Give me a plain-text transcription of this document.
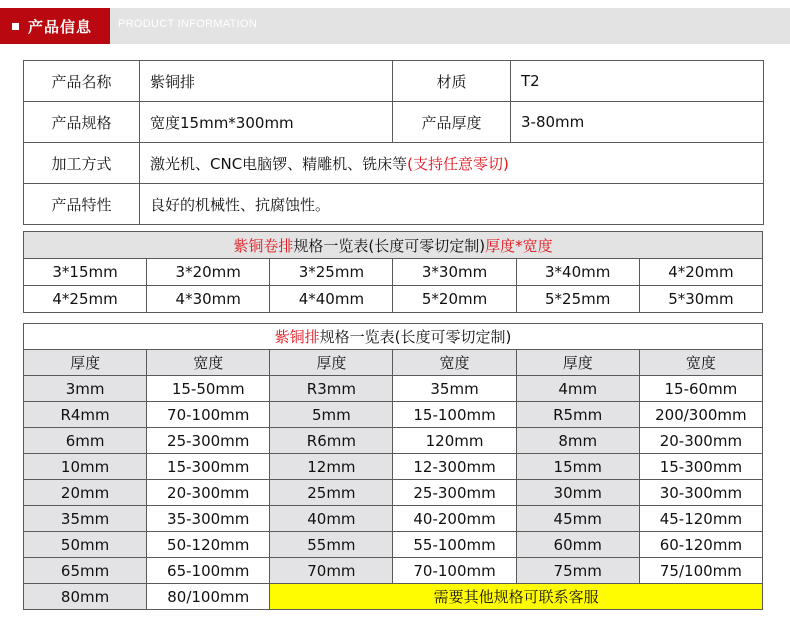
产品信息 PRODUCT INFORMATION
产品名称	紫铜排	材质	T2
产品规格	宽度15mm*300mm	产品厚度	3-80mm
加工方式	激光机、CNC电脑锣、精雕机、铣床等(支持任意零切)		
产品特性	良好的机械性、抗腐蚀性。		
紫铜卷排规格一览表(长度可零切定制)厚度*宽度					
3*15mm	3*20mm	3*25mm	3*30mm	3*40mm	4*20mm
4*25mm	4*30mm	4*40mm	5*20mm	5*25mm	5*30mm
紫铜排规格一览表(长度可零切定制)					
厚度	宽度	厚度	宽度	厚度	宽度
3mm	15-50mm	R3mm	35mm	4mm	15-60mm
R4mm	70-100mm	5mm	15-100mm	R5mm	200/300mm
6mm	25-300mm	R6mm	120mm	8mm	20-300mm
10mm	15-300mm	12mm	12-300mm	15mm	15-300mm
20mm	20-300mm	25mm	25-300mm	30mm	30-300mm
35mm	35-300mm	40mm	40-200mm	45mm	45-120mm
50mm	50-120mm	55mm	55-100mm	60mm	60-120mm
65mm	65-100mm	70mm	70-100mm	75mm	75/100mm
80mm	80/100mm	需要其他规格可联系客服			
